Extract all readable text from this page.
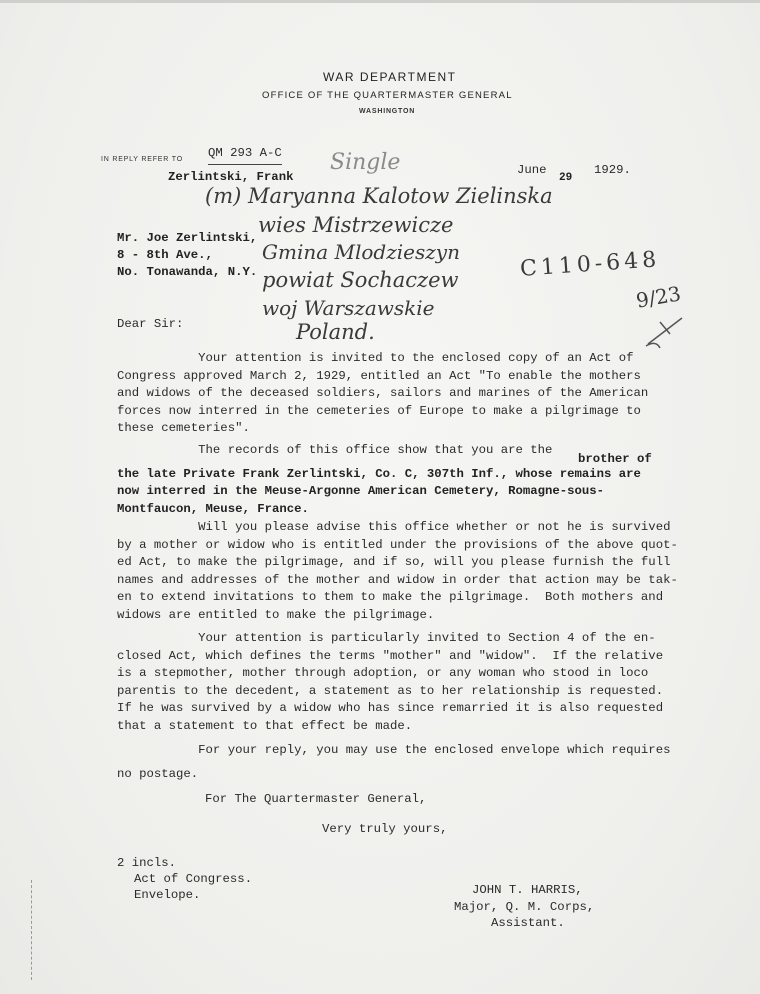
WAR DEPARTMENT
OFFICE OF THE QUARTERMASTER GENERAL
WASHINGTON
IN REPLY REFER TO QM 293 A-C
Zerlintski, Frank	June
29
1929.
Single
(m) Maryanna Kalotow Zielinska
wies Mistrzewicze
Gmina Mlodzieszyn
powiat Sochaczew
woj Warszawskie
Poland.
C110-648
9/23
Mr. Joe Zerlintski,
8 - 8th Ave.,
No. Tonawanda, N.Y.
Dear Sir:
Your attention is invited to the enclosed copy of an Act of
Congress approved March 2, 1929, entitled an Act "To enable the mothers
and widows of the deceased soldiers, sailors and marines of the American
forces now interred in the cemeteries of Europe to make a pilgrimage to
these cemeteries".
The records of this office show that you are the
the late Private Frank Zerlintski, Co. C, 307th Inf., whose remains are
now interred in the Meuse-Argonne American Cemetery, Romagne-sous-
Montfaucon, Meuse, France.
brother of
Will you please advise this office whether or not he is survived
by a mother or widow who is entitled under the provisions of the above quot-
ed Act, to make the pilgrimage, and if so, will you please furnish the full
names and addresses of the mother and widow in order that action may be tak-
en to extend invitations to them to make the pilgrimage.  Both mothers and
widows are entitled to make the pilgrimage.
Your attention is particularly invited to Section 4 of the en-
closed Act, which defines the terms "mother" and "widow".  If the relative
is a stepmother, mother through adoption, or any woman who stood in loco
parentis to the decedent, a statement as to her relationship is requested.
If he was survived by a widow who has since remarried it is also requested
that a statement to that effect be made.
For your reply, you may use the enclosed envelope which requires
no postage.
For The Quartermaster General,
Very truly yours,
2 incls.
Act of Congress.
Envelope.	JOHN T. HARRIS,
Major, Q. M. Corps,
Assistant.
